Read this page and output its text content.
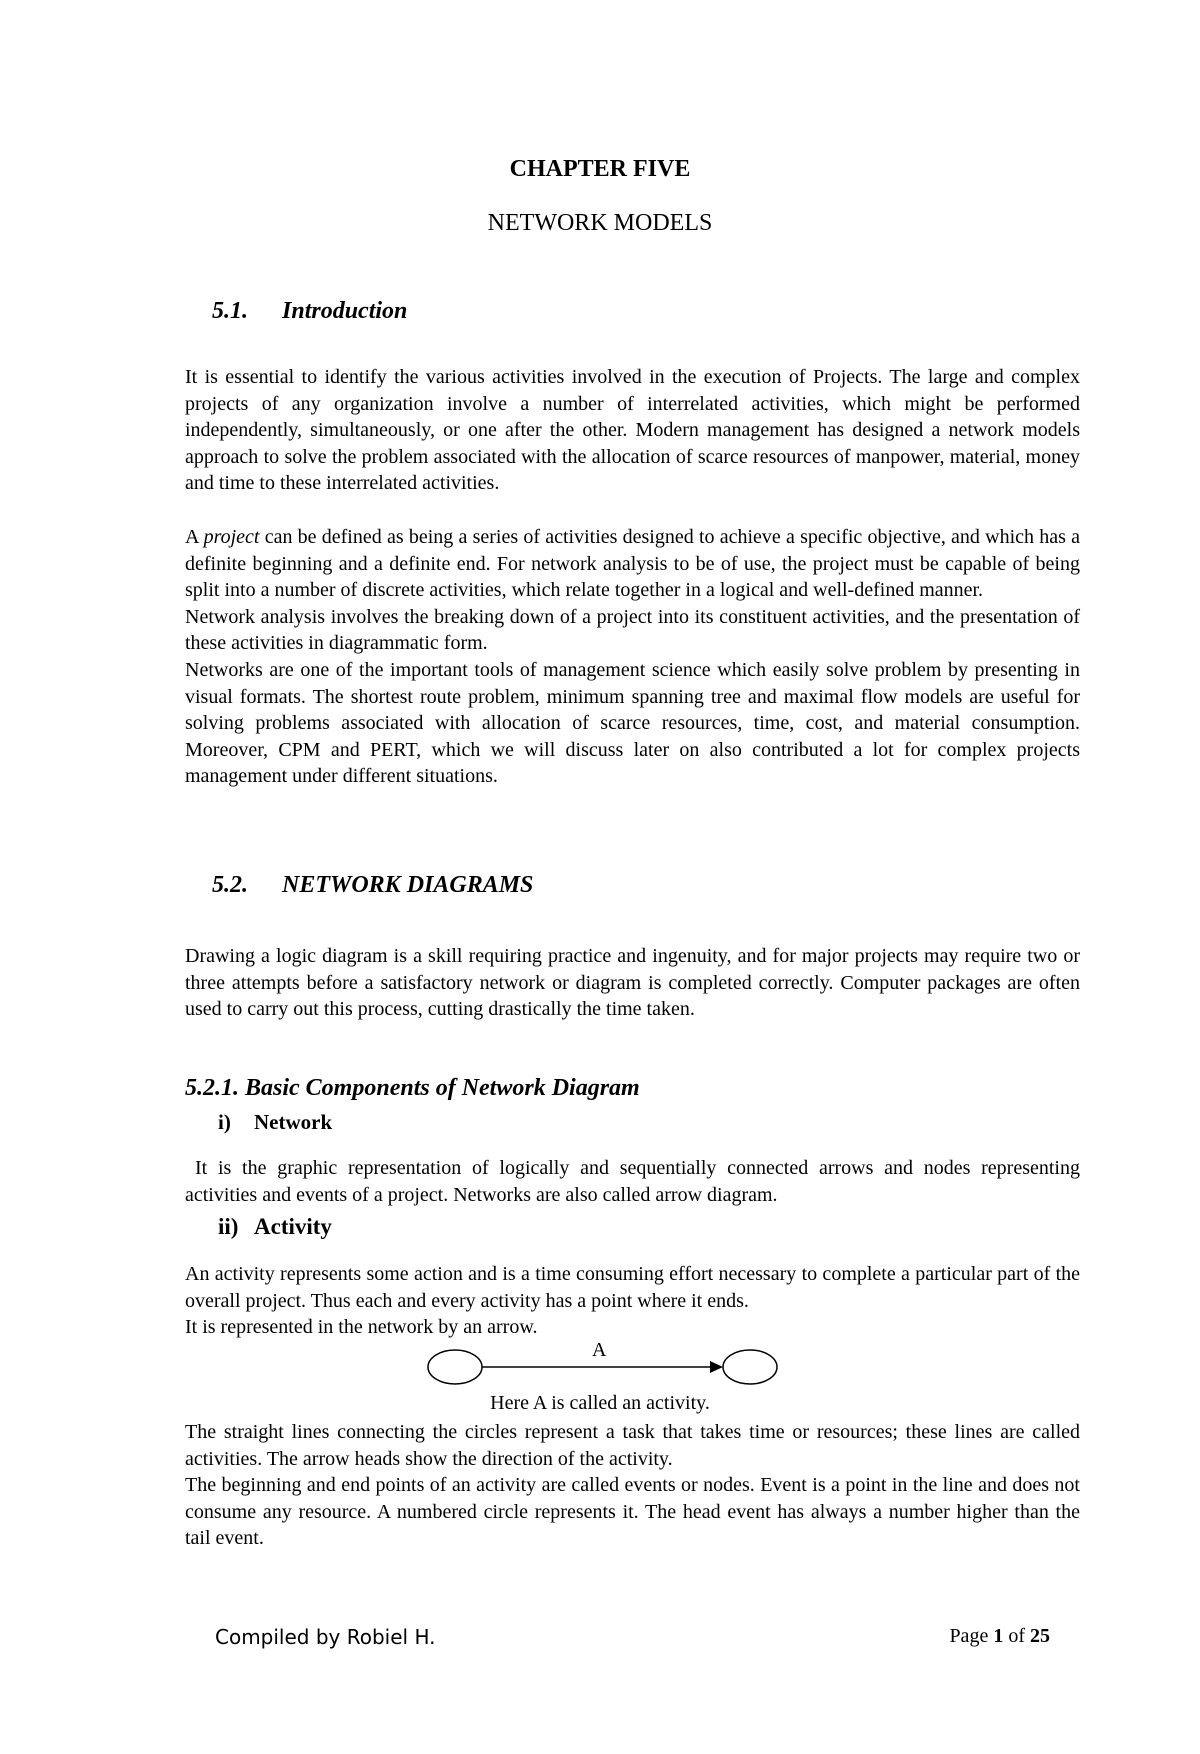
CHAPTER FIVE
NETWORK MODELS
5.1. Introduction

It is essential to identify the various activities involved in the execution of Projects. The large and complex projects of any organization involve a number of interrelated activities, which might be performed independently, simultaneously, or one after the other. Modern management has designed a network models approach to solve the problem associated with the allocation of scarce resources of manpower, material, money and time to these interrelated activities.

A project can be defined as being a series of activities designed to achieve a specific objective, and which has a definite beginning and a definite end. For network analysis to be of use, the project must be capable of being split into a number of discrete activities, which relate together in a logical and well-defined manner.

Network analysis involves the breaking down of a project into its constituent activities, and the presentation of these activities in diagrammatic form.

Networks are one of the important tools of management science which easily solve problem by presenting in visual formats. The shortest route problem, minimum spanning tree and maximal flow models are useful for solving problems associated with allocation of scarce resources, time, cost, and material consumption. Moreover, CPM and PERT, which we will discuss later on also contributed a lot for complex projects management under different situations.

5.2. NETWORK DIAGRAMS

Drawing a logic diagram is a skill requiring practice and ingenuity, and for major projects may require two or three attempts before a satisfactory network or diagram is completed correctly. Computer packages are often used to carry out this process, cutting drastically the time taken.

5.2.1. Basic Components of Network Diagram
i) Network

It is the graphic representation of logically and sequentially connected arrows and nodes representing activities and events of a project. Networks are also called arrow diagram.

ii) Activity

An activity represents some action and is a time consuming effort necessary to complete a particular part of the overall project. Thus each and every activity has a point where it ends.

It is represented in the network by an arrow.

A
Here A is called an activity.

The straight lines connecting the circles represent a task that takes time or resources; these lines are called activities. The arrow heads show the direction of the activity.

The beginning and end points of an activity are called events or nodes. Event is a point in the line and does not consume any resource. A numbered circle represents it. The head event has always a number higher than the tail event.

Compiled by Robiel H.	Page 1 of 25
